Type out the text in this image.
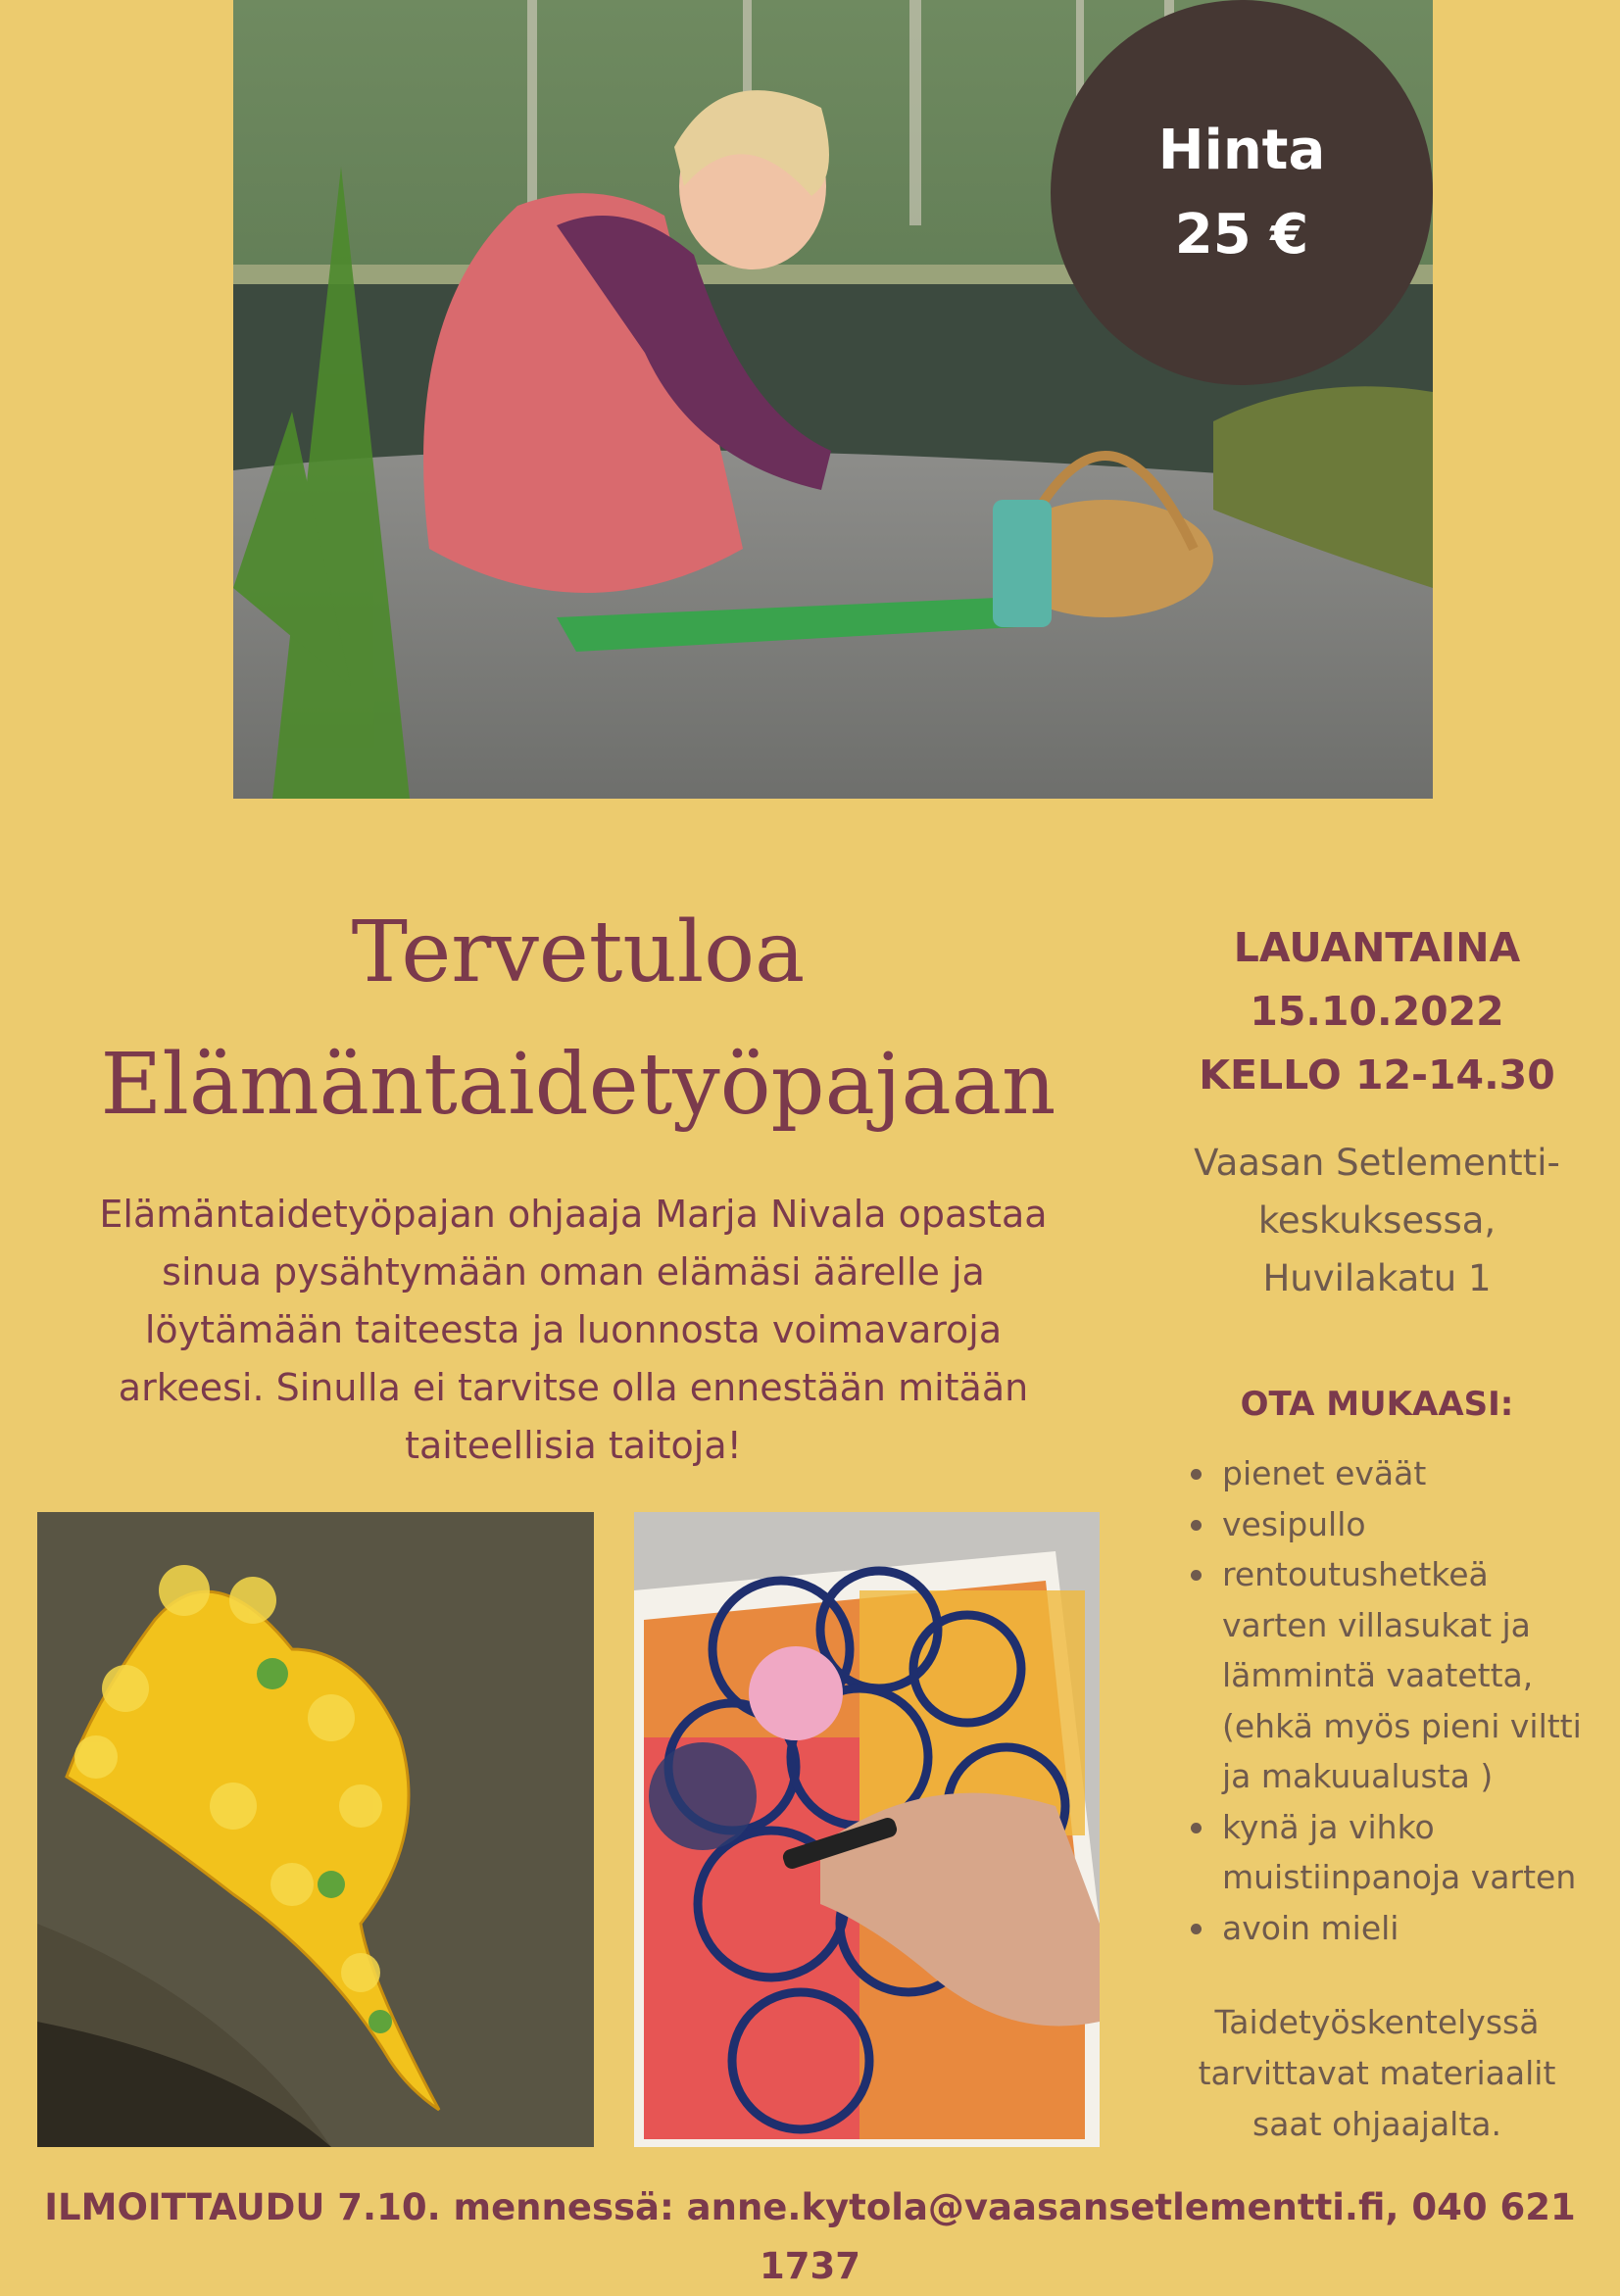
Hinta
25 €
Tervetuloa
Elämäntaidetyöpajaan
Elämäntaidetyöpajan ohjaaja Marja Nivala opastaa
sinua pysähtymään oman elämäsi äärelle ja
löytämään taiteesta ja luonnosta voimavaroja
arkeesi. Sinulla ei tarvitse olla ennestään mitään
taiteellisia taitoja!
LAUANTAINA
15.10.2022
KELLO 12-14.30
Vaasan Setlementti-
keskuksessa,
Huvilakatu 1
OTA MUKAASI:
pienet eväät
vesipullo
rentoutushetkeä
varten villasukat ja
lämmintä vaatetta,
(ehkä myös pieni viltti
ja makuualusta )
kynä ja vihko
muistiinpanoja varten
avoin mieli
Taidetyöskentelyssä
tarvittavat materiaalit
saat ohjaajalta.
ILMOITTAUDU 7.10. mennessä: anne.kytola@vaasansetlementti.fi, 040 621 1737
